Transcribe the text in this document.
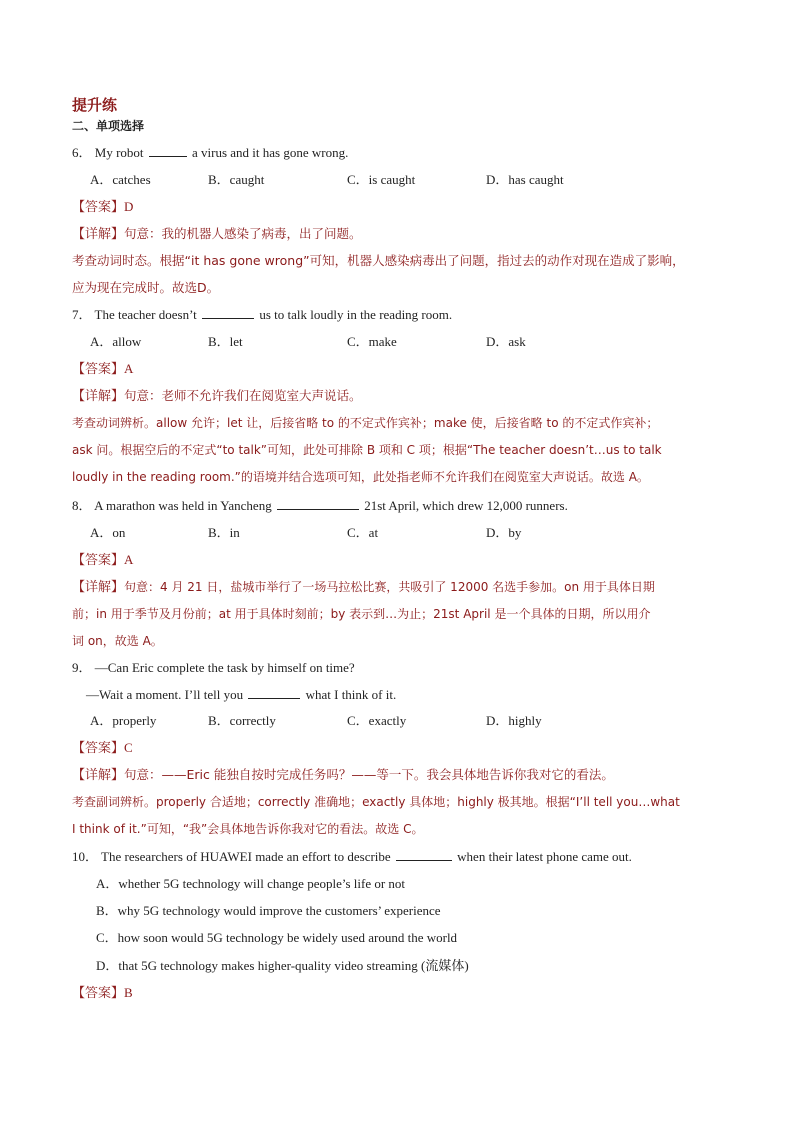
提升练
二、单项选择
6． My robot	a virus and it has gone wrong.
A．catches	B．caught	C．is caught	D．has caught
【答案】D
【详解】句意：我的机器人感染了病毒，出了问题。
考查动词时态。根据“it has gone wrong”可知，机器人感染病毒出了问题，指过去的动作对现在造成了影响，
应为现在完成时。故选D。
7． The teacher doesn’t	us to talk loudly in the reading room.
A．allow	B．let	C．make	D．ask
【答案】A
【详解】句意：老师不允许我们在阅览室大声说话。
考查动词辨析。allow 允许；let 让，后接省略 to 的不定式作宾补；make 使，后接省略 to 的不定式作宾补；
ask 问。根据空后的不定式“to talk”可知，此处可排除 B 项和 C 项；根据“The teacher doesn’t…us to talk
loudly in the reading room.”的语境并结合选项可知，此处指老师不允许我们在阅览室大声说话。故选 A。
8． A marathon was held in Yancheng	21st April, which drew 12,000 runners.
A．on	B．in	C．at	D．by
【答案】A
【详解】句意：4 月 21 日，盐城市举行了一场马拉松比赛，共吸引了 12000 名选手参加。on 用于具体日期
前；in 用于季节及月份前；at 用于具体时刻前；by 表示到…为止；21st April 是一个具体的日期，所以用介
词 on，故选 A。
9． —Can Eric complete the task by himself on time?
—Wait a moment. I’ll tell you	what I think of it.
A．properly	B．correctly	C．exactly	D．highly
【答案】C
【详解】句意：——Eric 能独自按时完成任务吗？——等一下。我会具体地告诉你我对它的看法。
考查副词辨析。properly 合适地；correctly 准确地；exactly 具体地；highly 极其地。根据“I’ll tell you…what
I think of it.”可知，“我”会具体地告诉你我对它的看法。故选 C。
10． The researchers of HUAWEI made an effort to describe	when their latest phone came out.
A．whether 5G technology will change people’s life or not
B．why 5G technology would improve the customers’ experience
C．how soon would 5G technology be widely used around the world
D．that 5G technology makes higher-quality video streaming (流媒体)
【答案】B
